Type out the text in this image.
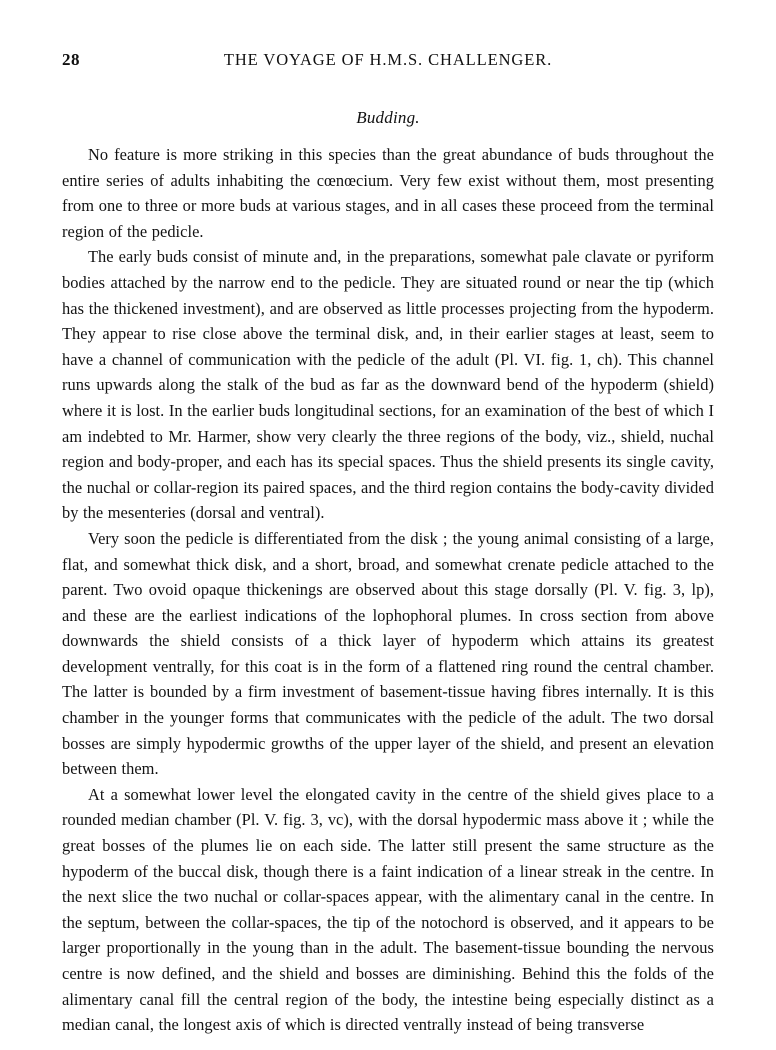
28	THE VOYAGE OF H.M.S. CHALLENGER.
Budding.

No feature is more striking in this species than the great abundance of buds throughout the entire series of adults inhabiting the cœnœcium. Very few exist without them, most presenting from one to three or more buds at various stages, and in all cases these proceed from the terminal region of the pedicle.

The early buds consist of minute and, in the preparations, somewhat pale clavate or pyriform bodies attached by the narrow end to the pedicle. They are situated round or near the tip (which has the thickened investment), and are observed as little processes projecting from the hypoderm. They appear to rise close above the terminal disk, and, in their earlier stages at least, seem to have a channel of communication with the pedicle of the adult (Pl. VI. fig. 1, ch). This channel runs upwards along the stalk of the bud as far as the downward bend of the hypoderm (shield) where it is lost. In the earlier buds longitudinal sections, for an examination of the best of which I am indebted to Mr. Harmer, show very clearly the three regions of the body, viz., shield, nuchal region and body-proper, and each has its special spaces. Thus the shield presents its single cavity, the nuchal or collar-region its paired spaces, and the third region contains the body-cavity divided by the mesenteries (dorsal and ventral).

Very soon the pedicle is differentiated from the disk ; the young animal consisting of a large, flat, and somewhat thick disk, and a short, broad, and somewhat crenate pedicle attached to the parent. Two ovoid opaque thickenings are observed about this stage dorsally (Pl. V. fig. 3, lp), and these are the earliest indications of the lophophoral plumes. In cross section from above downwards the shield consists of a thick layer of hypoderm which attains its greatest development ventrally, for this coat is in the form of a flattened ring round the central chamber. The latter is bounded by a firm investment of basement-tissue having fibres internally. It is this chamber in the younger forms that communicates with the pedicle of the adult. The two dorsal bosses are simply hypodermic growths of the upper layer of the shield, and present an elevation between them.

At a somewhat lower level the elongated cavity in the centre of the shield gives place to a rounded median chamber (Pl. V. fig. 3, vc), with the dorsal hypodermic mass above it ; while the great bosses of the plumes lie on each side. The latter still present the same structure as the hypoderm of the buccal disk, though there is a faint indication of a linear streak in the centre. In the next slice the two nuchal or collar-spaces appear, with the alimentary canal in the centre. In the septum, between the collar-spaces, the tip of the notochord is observed, and it appears to be larger proportionally in the young than in the adult. The basement-tissue bounding the nervous centre is now defined, and the shield and bosses are diminishing. Behind this the folds of the alimentary canal fill the central region of the body, the intestine being especially distinct as a median canal, the longest axis of which is directed ventrally instead of being transverse
